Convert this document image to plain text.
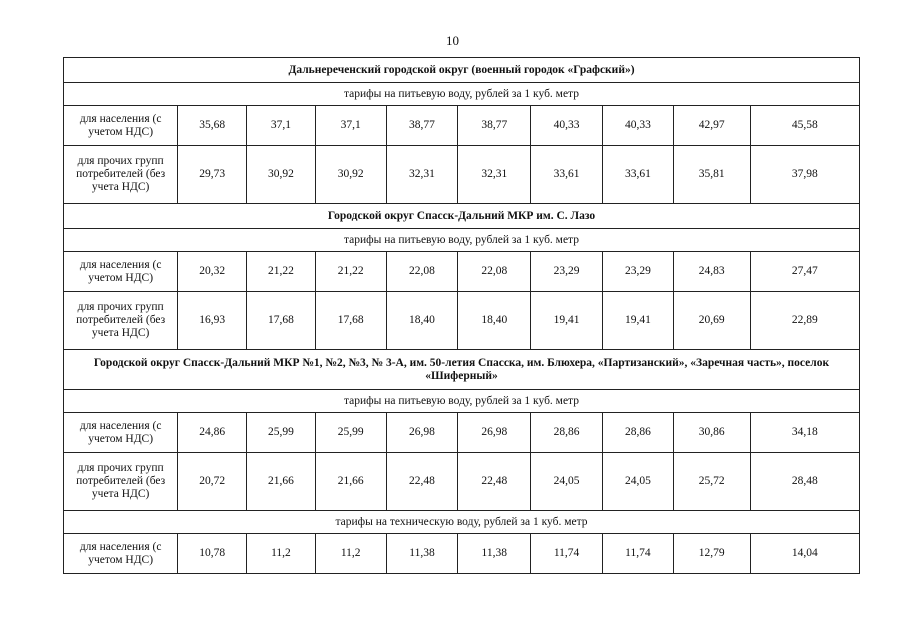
10
Дальнереченский городской округ (военный городок «Графский»)									
тарифы на питьевую воду, рублей за 1 куб. метр									
для населения (с учетом НДС)	35,68	37,1	37,1	38,77	38,77	40,33	40,33	42,97	45,58
для прочих групп потребителей (без учета НДС)	29,73	30,92	30,92	32,31	32,31	33,61	33,61	35,81	37,98
Городской округ Спасск-Дальний МКР им. С. Лазо									
тарифы на питьевую воду, рублей за 1 куб. метр									
для населения (с учетом НДС)	20,32	21,22	21,22	22,08	22,08	23,29	23,29	24,83	27,47
для прочих групп потребителей (без учета НДС)	16,93	17,68	17,68	18,40	18,40	19,41	19,41	20,69	22,89
Городской округ Спасск-Дальний МКР №1, №2, №3, № 3-А, им. 50-летия Спасска, им. Блюхера, «Партизанский», «Заречная часть», поселок «Шиферный»									
тарифы на питьевую воду, рублей за 1 куб. метр									
для населения (с учетом НДС)	24,86	25,99	25,99	26,98	26,98	28,86	28,86	30,86	34,18
для прочих групп потребителей (без учета НДС)	20,72	21,66	21,66	22,48	22,48	24,05	24,05	25,72	28,48
тарифы на техническую воду, рублей за 1 куб. метр									
для населения (с учетом НДС)	10,78	11,2	11,2	11,38	11,38	11,74	11,74	12,79	14,04
